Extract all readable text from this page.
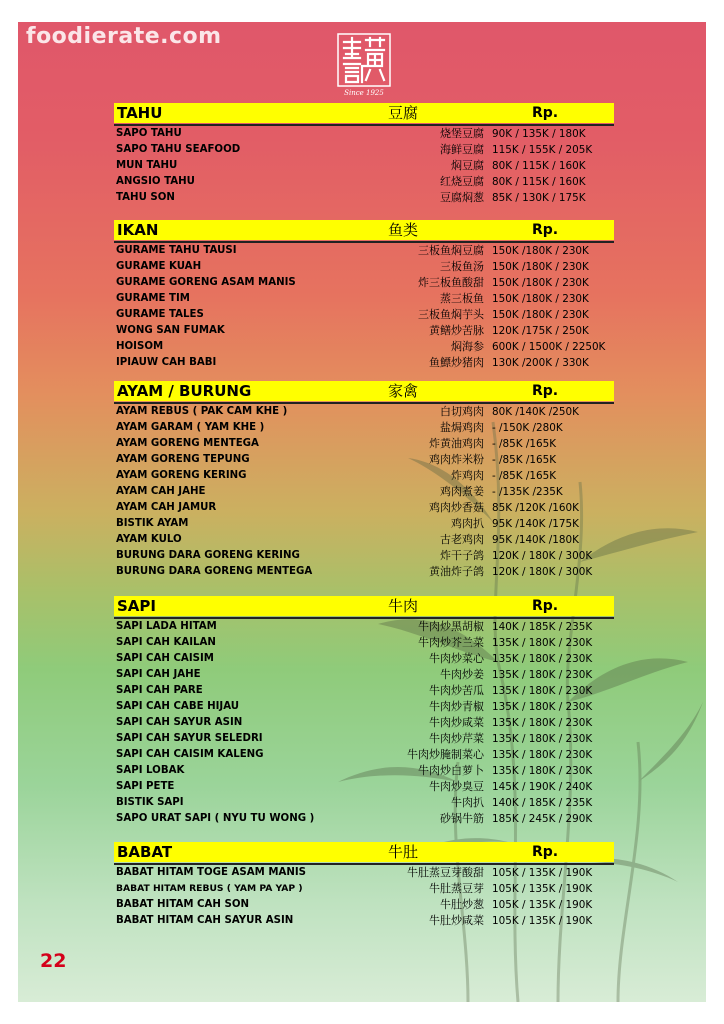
foodierate.com
Since 1925
22
TAHU	豆腐	Rp.
SAPO TAHU	烧堡豆腐 90K / 135K / 180K
SAPO TAHU SEAFOOD	海鲜豆腐 115K / 155K / 205K
MUN TAHU	焖豆腐 80K / 115K / 160K
ANGSIO TAHU	红烧豆腐 80K / 115K / 160K
TAHU SON	豆腐焖葱 85K / 130K / 175K
IKAN	鱼类	Rp.
GURAME TAHU TAUSI	三板鱼焖豆腐 150K /180K / 230K
GURAME KUAH	三板鱼汤 150K /180K / 230K
GURAME GORENG ASAM MANIS	炸三板鱼酸甜 150K /180K / 230K
GURAME TIM	蒸三板鱼 150K /180K / 230K
GURAME TALES	三板鱼焖芋头 150K /180K / 230K
WONG SAN FUMAK	黄鳝炒苦脉 120K /175K / 250K
HOISOM	焖海参 600K / 1500K / 2250K
IPIAUW CAH BABI	鱼鰾炒猪肉 130K /200K / 330K
AYAM / BURUNG	家禽	Rp.
AYAM REBUS ( PAK CAM KHE )	白切鸡肉 80K /140K /250K
AYAM GARAM ( YAM KHE )	盐焗鸡肉 - /150K /280K
AYAM GORENG MENTEGA	炸黄油鸡肉 - /85K /165K
AYAM GORENG TEPUNG	鸡肉炸米粉 - /85K /165K
AYAM GORENG KERING	炸鸡肉 - /85K /165K
AYAM CAH JAHE	鸡肉煮姜 - /135K /235K
AYAM CAH JAMUR	鸡肉炒香菇 85K /120K /160K
BISTIK AYAM	鸡肉扒 95K /140K /175K
AYAM KULO	古老鸡肉 95K /140K /180K
BURUNG DARA GORENG KERING	炸干子鸽 120K / 180K / 300K
BURUNG DARA GORENG MENTEGA	黄油炸子鸽 120K / 180K / 300K
SAPI	牛肉	Rp.
SAPI LADA HITAM	牛肉炒黑胡椒 140K / 185K / 235K
SAPI CAH KAILAN	牛肉炒芥兰菜 135K / 180K / 230K
SAPI CAH CAISIM	牛肉炒菜心 135K / 180K / 230K
SAPI CAH JAHE	牛肉炒姜 135K / 180K / 230K
SAPI CAH PARE	牛肉炒苦瓜 135K / 180K / 230K
SAPI CAH CABE HIJAU	牛肉炒青椒 135K / 180K / 230K
SAPI CAH SAYUR ASIN	牛肉炒咸菜 135K / 180K / 230K
SAPI CAH SAYUR SELEDRI	牛肉炒芹菜 135K / 180K / 230K
SAPI CAH CAISIM KALENG	牛肉炒腌制菜心 135K / 180K / 230K
SAPI LOBAK	牛肉炒白萝卜 135K / 180K / 230K
SAPI PETE	牛肉炒臭豆 145K / 190K / 240K
BISTIK SAPI	牛肉扒 140K / 185K / 235K
SAPO URAT SAPI ( NYU TU WONG )	砂锅牛筋 185K / 245K / 290K
BABAT	牛肚	Rp.
BABAT HITAM TOGE ASAM MANIS	牛肚蒸豆芽酸甜 105K / 135K / 190K
BABAT HITAM REBUS ( YAM PA YAP )	牛肚蒸豆芽 105K / 135K / 190K
BABAT HITAM CAH SON	牛肚炒葱 105K / 135K / 190K
BABAT HITAM CAH SAYUR ASIN	牛肚炒咸菜 105K / 135K / 190K
